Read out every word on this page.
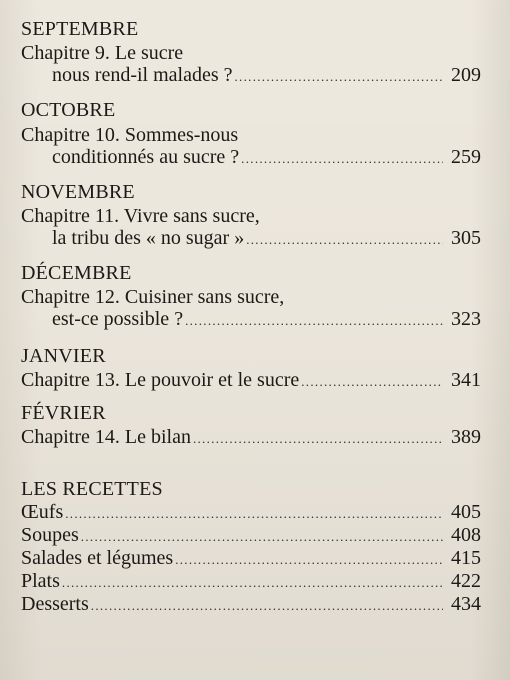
SEPTEMBRE
Chapitre 9. Le sucre
nous rend-il malades ? .....	209
OCTOBRE
Chapitre 10. Sommes-nous
conditionnés au sucre ? .....	259
NOVEMBRE
Chapitre 11. Vivre sans sucre,
la tribu des « no sugar » .....	305
DÉCEMBRE
Chapitre 12. Cuisiner sans sucre,
est-ce possible ? .....	323
JANVIER
Chapitre 13. Le pouvoir et le sucre .....	341
FÉVRIER
Chapitre 14. Le bilan .....	389
LES RECETTES
Œufs .....	405
Soupes .....	408
Salades et légumes .....	415
Plats .....	422
Desserts .....	434
